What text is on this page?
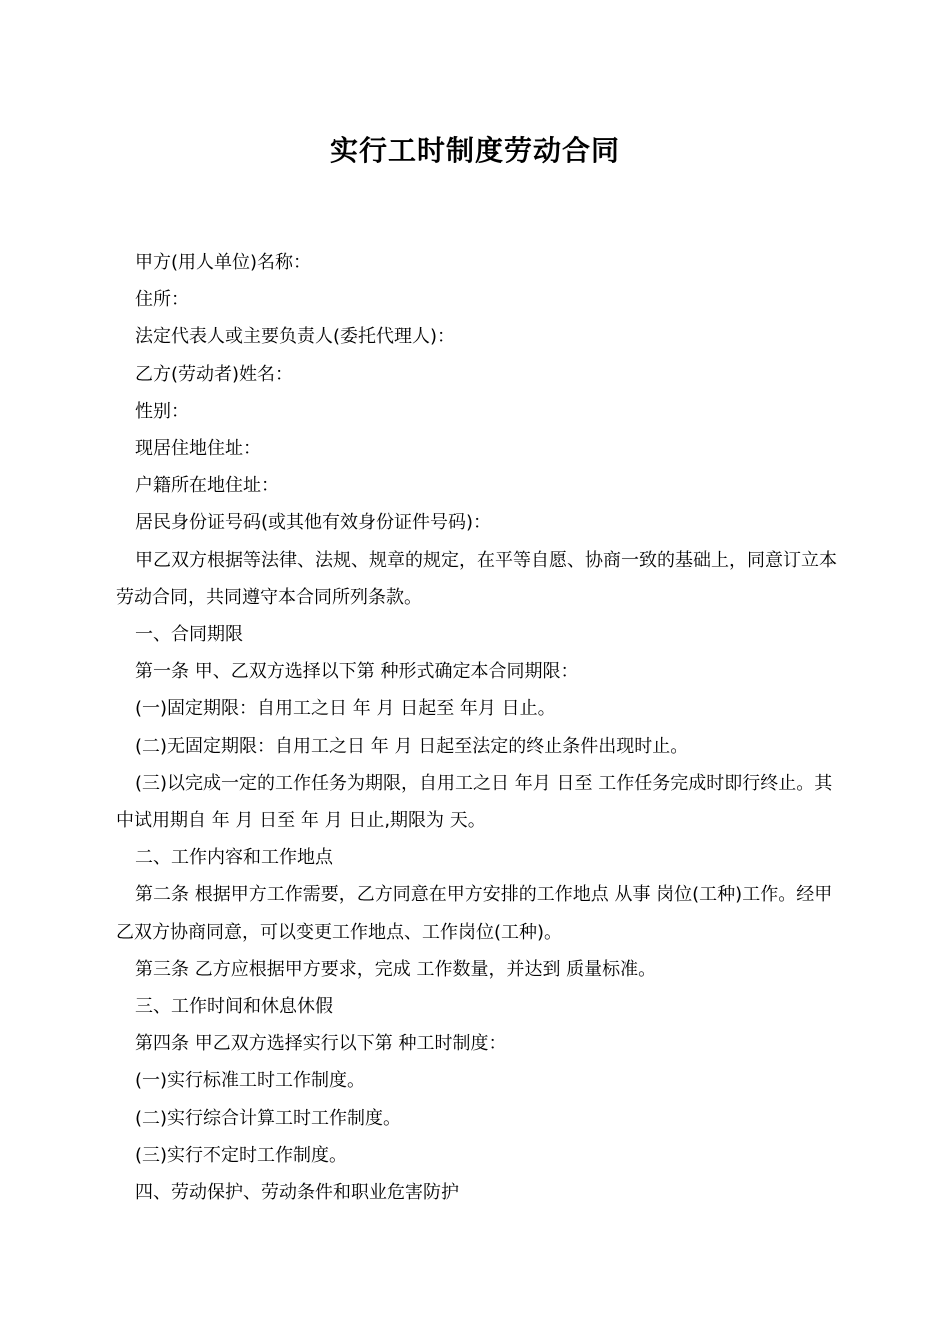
实行工时制度劳动合同

甲方(用人单位)名称：

住所：

法定代表人或主要负责人(委托代理人)：

乙方(劳动者)姓名：

性别：

现居住地住址：

户籍所在地住址：

居民身份证号码(或其他有效身份证件号码)：

甲乙双方根据等法律、法规、规章的规定，在平等自愿、协商一致的基础上，同意订立本劳动合同，共同遵守本合同所列条款。

一、合同期限

第一条 甲、乙双方选择以下第 种形式确定本合同期限：

(一)固定期限：自用工之日 年 月 日起至 年月 日止。

(二)无固定期限：自用工之日 年 月 日起至法定的终止条件出现时止。

(三)以完成一定的工作任务为期限，自用工之日 年月 日至 工作任务完成时即行终止。其中试用期自 年 月 日至 年 月 日止,期限为 天。

二、工作内容和工作地点

第二条 根据甲方工作需要，乙方同意在甲方安排的工作地点 从事 岗位(工种)工作。经甲乙双方协商同意，可以变更工作地点、工作岗位(工种)。

第三条 乙方应根据甲方要求，完成 工作数量，并达到 质量标准。

三、工作时间和休息休假

第四条 甲乙双方选择实行以下第 种工时制度：

(一)实行标准工时工作制度。

(二)实行综合计算工时工作制度。

(三)实行不定时工作制度。

四、劳动保护、劳动条件和职业危害防护
